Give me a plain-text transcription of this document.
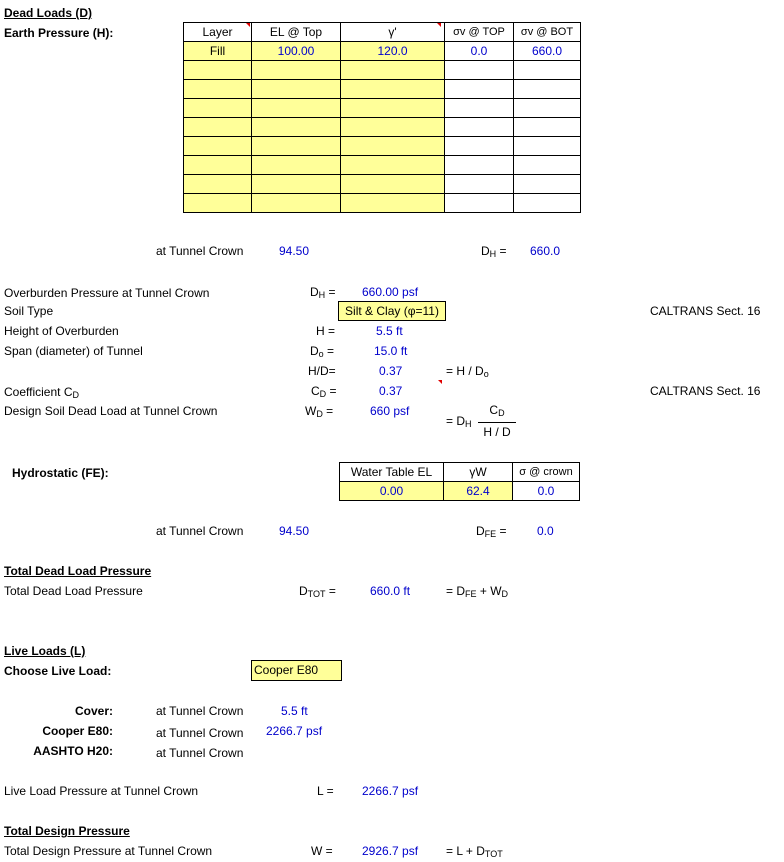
Dead Loads (D)
Earth Pressure (H):	Layer	EL @ Top	γ'	σv @ TOP	σv @ BOT
Fill	100.00	120.0	0.0	660.0

at Tunnel Crown	94.50	$D_H = 660.0$
Overburden Pressure at Tunnel Crown	$D_H = 660.00$ psf
Soil Type	Silt & Clay (φ=11)	CALTRANS Sect. 16
Height of Overburden	H =	5.5 ft
Span (diameter) of Tunnel	$D_o$ =	15.0 ft
H/D=	0.37	= H / $D_o$
Coefficient $C_D$	$C_D$ =	0.37	CALTRANS Sect. 16
Design Soil Dead Load at Tunnel Crown	$W_D$ =	660 psf
= $D_H$
$C_D$
H / D
Hydrostatic (FE):	Water Table EL	γW	σ @ crown
0.00	62.4	0.0
at Tunnel Crown	94.50	$D_{FE}$ =	0.0
Total Dead Load Pressure
Total Dead Load Pressure	$D_{TOT}$ =	660.0 ft	= $D_{FE} + W_D$
Live Loads (L)
Choose Live Load:	Cooper E80
Cover:	at Tunnel Crown	5.5 ft
Cooper E80:	at Tunnel Crown 2266.7 psf
AASHTO H20:	at Tunnel Crown
Live Load Pressure at Tunnel Crown	L = 2266.7 psf
Total Design Pressure
Total Design Pressure at Tunnel Crown	W = 2926.7 psf = $L + D_{TOT}$
